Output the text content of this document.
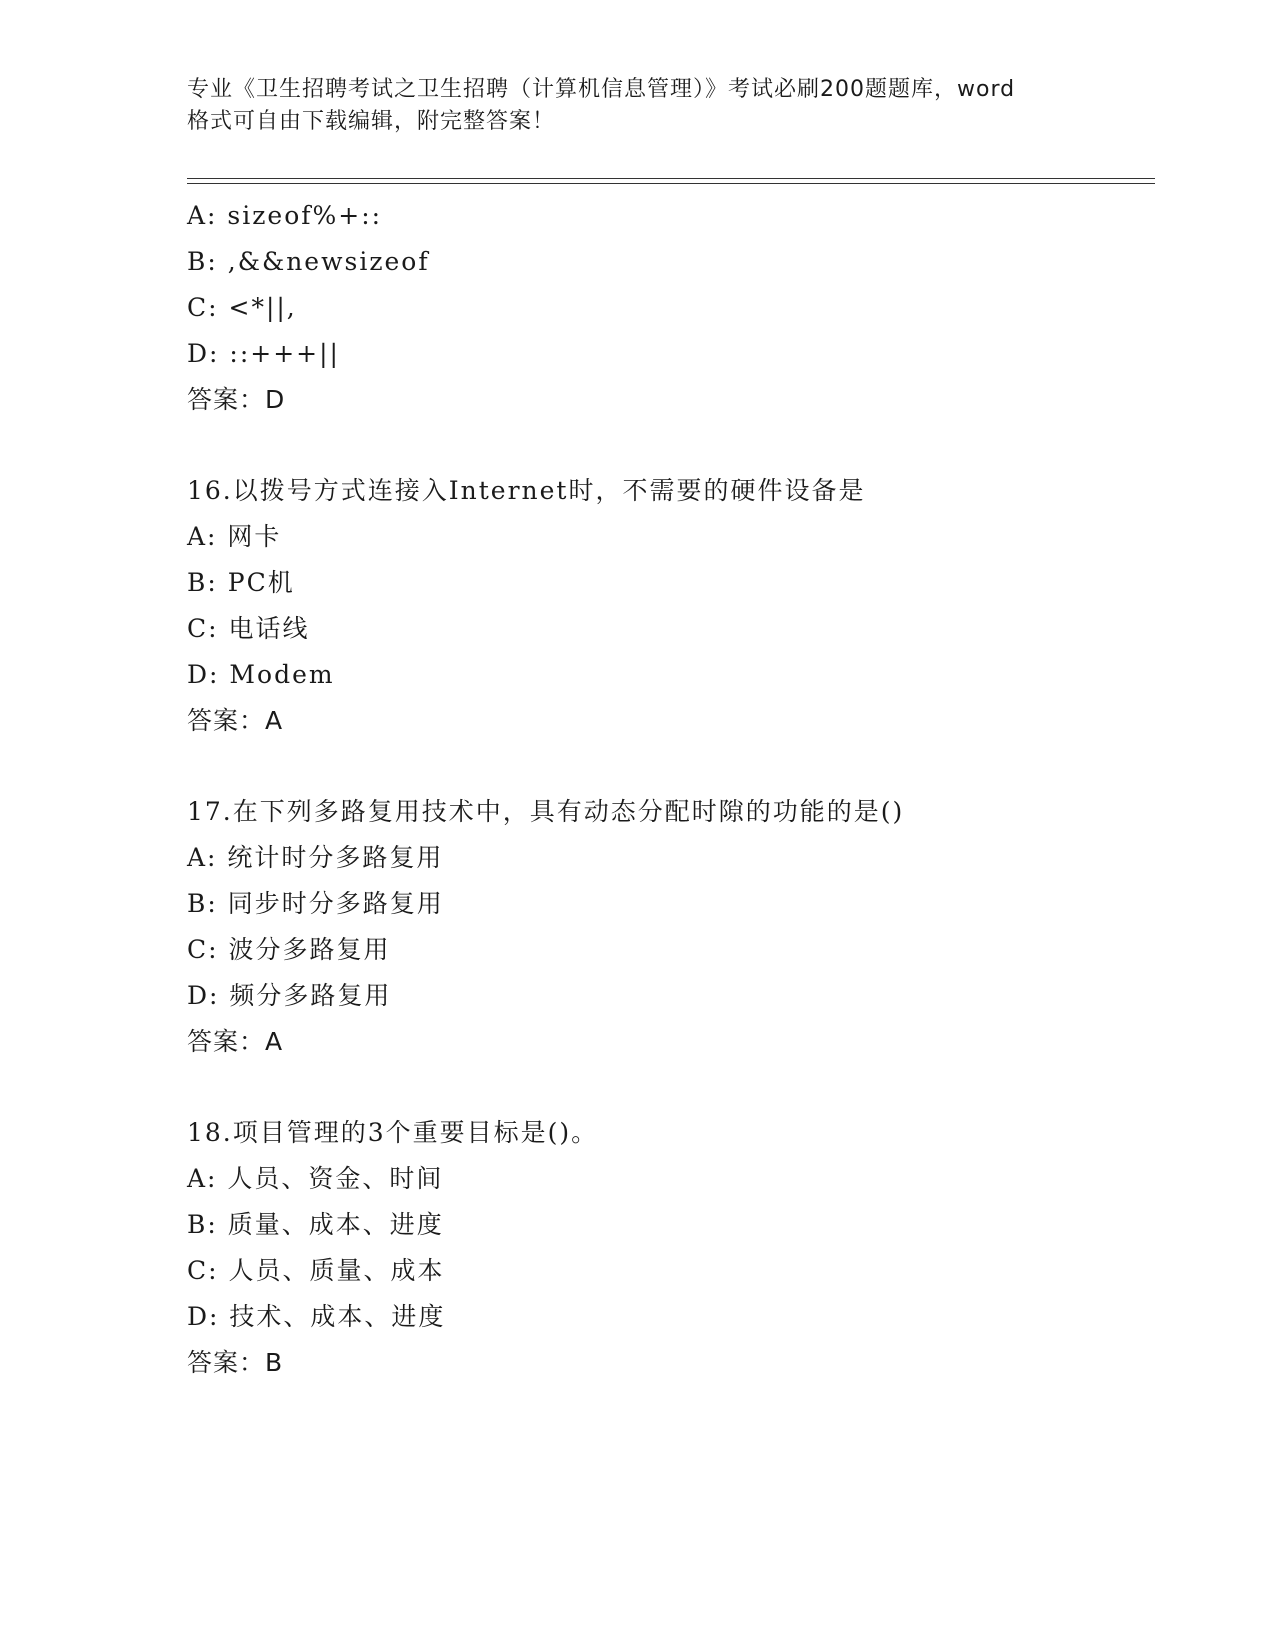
专业《卫生招聘考试之卫生招聘（计算机信息管理）》考试必刷200题题库，word
格式可自由下载编辑，附完整答案！
A: sizeof%+::
B: ,&&newsizeof
C: <*||,
D: ::+++||
答案：D
16.以拨号方式连接入Internet时，不需要的硬件设备是
A: 网卡
B: PC机
C: 电话线
D: Modem
答案：A
17.在下列多路复用技术中，具有动态分配时隙的功能的是()
A: 统计时分多路复用
B: 同步时分多路复用
C: 波分多路复用
D: 频分多路复用
答案：A
18.项目管理的3个重要目标是()。
A: 人员、资金、时间
B: 质量、成本、进度
C: 人员、质量、成本
D: 技术、成本、进度
答案：B
